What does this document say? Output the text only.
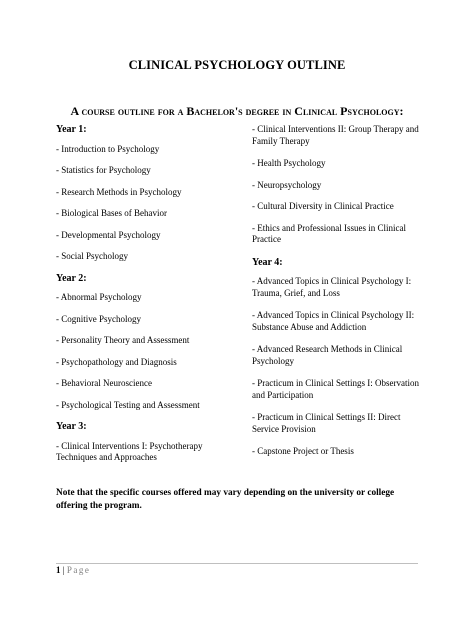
CLINICAL PSYCHOLOGY OUTLINE
A course outline for a Bachelor's degree in Clinical Psychology:
Year 1:
- Introduction to Psychology
- Statistics for Psychology
- Research Methods in Psychology
- Biological Bases of Behavior
- Developmental Psychology
- Social Psychology
Year 2:
- Abnormal Psychology
- Cognitive Psychology
- Personality Theory and Assessment
- Psychopathology and Diagnosis
- Behavioral Neuroscience
- Psychological Testing and Assessment
Year 3:
- Clinical Interventions I: Psychotherapy Techniques and Approaches
- Clinical Interventions II: Group Therapy and Family Therapy
- Health Psychology
- Neuropsychology
- Cultural Diversity in Clinical Practice
- Ethics and Professional Issues in Clinical Practice
Year 4:
- Advanced Topics in Clinical Psychology I: Trauma, Grief, and Loss
- Advanced Topics in Clinical Psychology II: Substance Abuse and Addiction
- Advanced Research Methods in Clinical Psychology
- Practicum in Clinical Settings I: Observation and Participation
- Practicum in Clinical Settings II: Direct Service Provision
- Capstone Project or Thesis
Note that the specific courses offered may vary depending on the university or college offering the program.
1 | Page
